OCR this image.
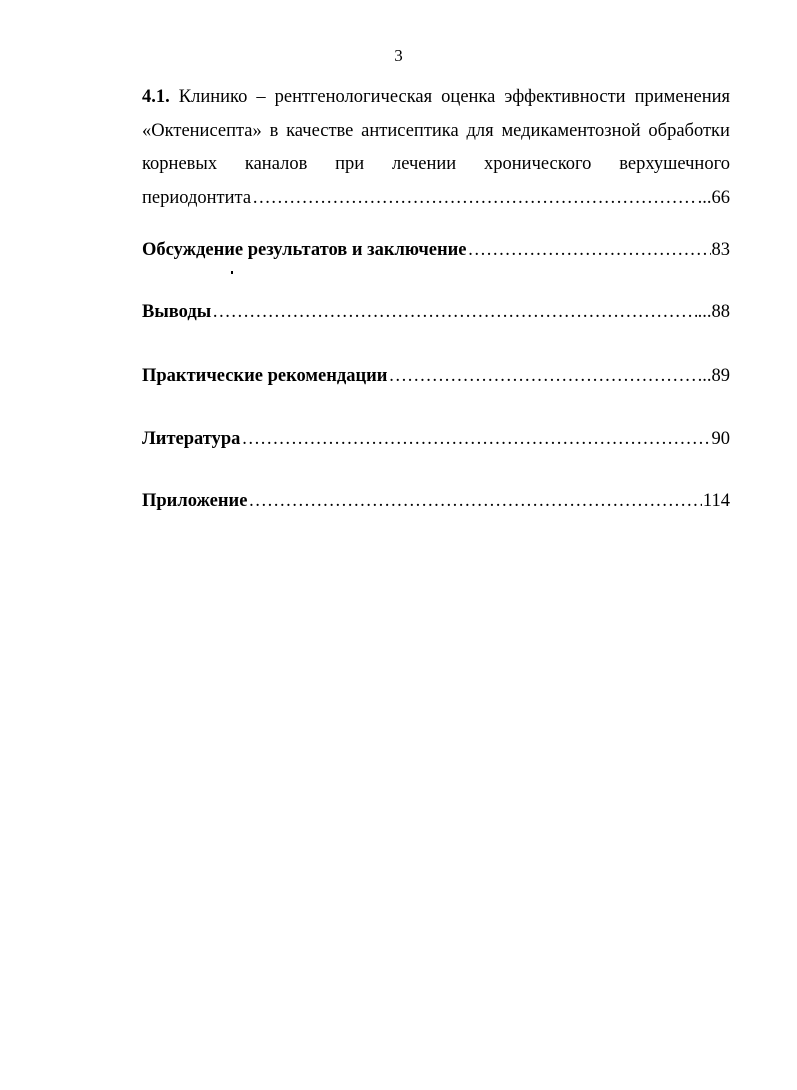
3
4.1. Клинико – рентгенологическая оценка эффективности применения
«Октенисепта» в качестве антисептика для медикаментозной обработки
корневых каналов при лечении хронического верхушечного
периодонтита …………………………………………………………………………………………………………………………………………………………	...66
Обсуждение результатов и заключение …………………………………………………………………………………………………………………………………………………………	83
Выводы …………………………………………………………………………………………………………………………………………………………	...88
Практические рекомендации …………………………………………………………………………………………………………………………………………………………	..89
Литература …………………………………………………………………………………………………………………………………………………………	90
Приложение …………………………………………………………………………………………………………………………………………………………	114
